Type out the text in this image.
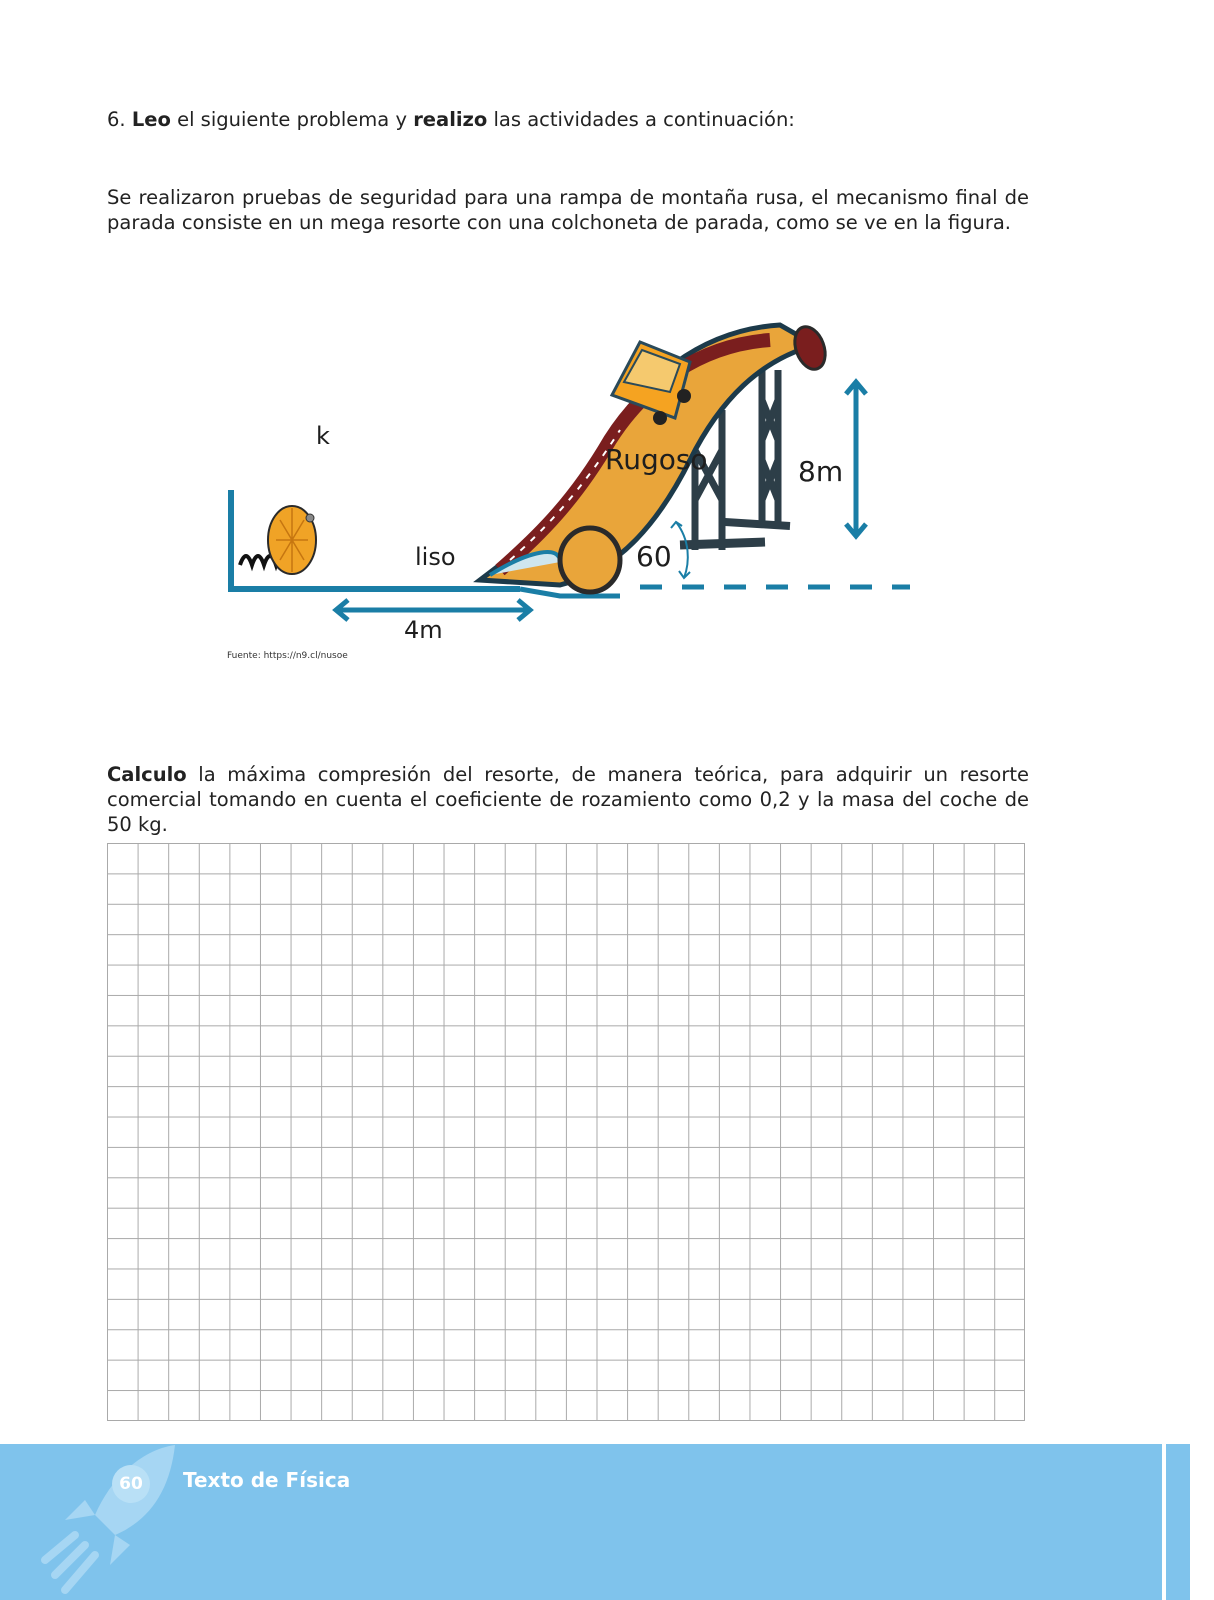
6. Leo el siguiente problema y realizo las actividades a continuación:
Se realizaron pruebas de seguridad para una rampa de montaña rusa, el mecanismo final de parada consiste en un mega resorte con una colchoneta de parada, como se ve en la figura.
k
Rugoso	8m
liso	60
4m
Fuente: https://n9.cl/nusoe
Calculo la máxima compresión del resorte, de manera teórica, para adquirir un resorte comercial tomando en cuenta el coeficiente de rozamiento como 0,2 y la masa del coche de 50 kg.
60	Texto de Física
